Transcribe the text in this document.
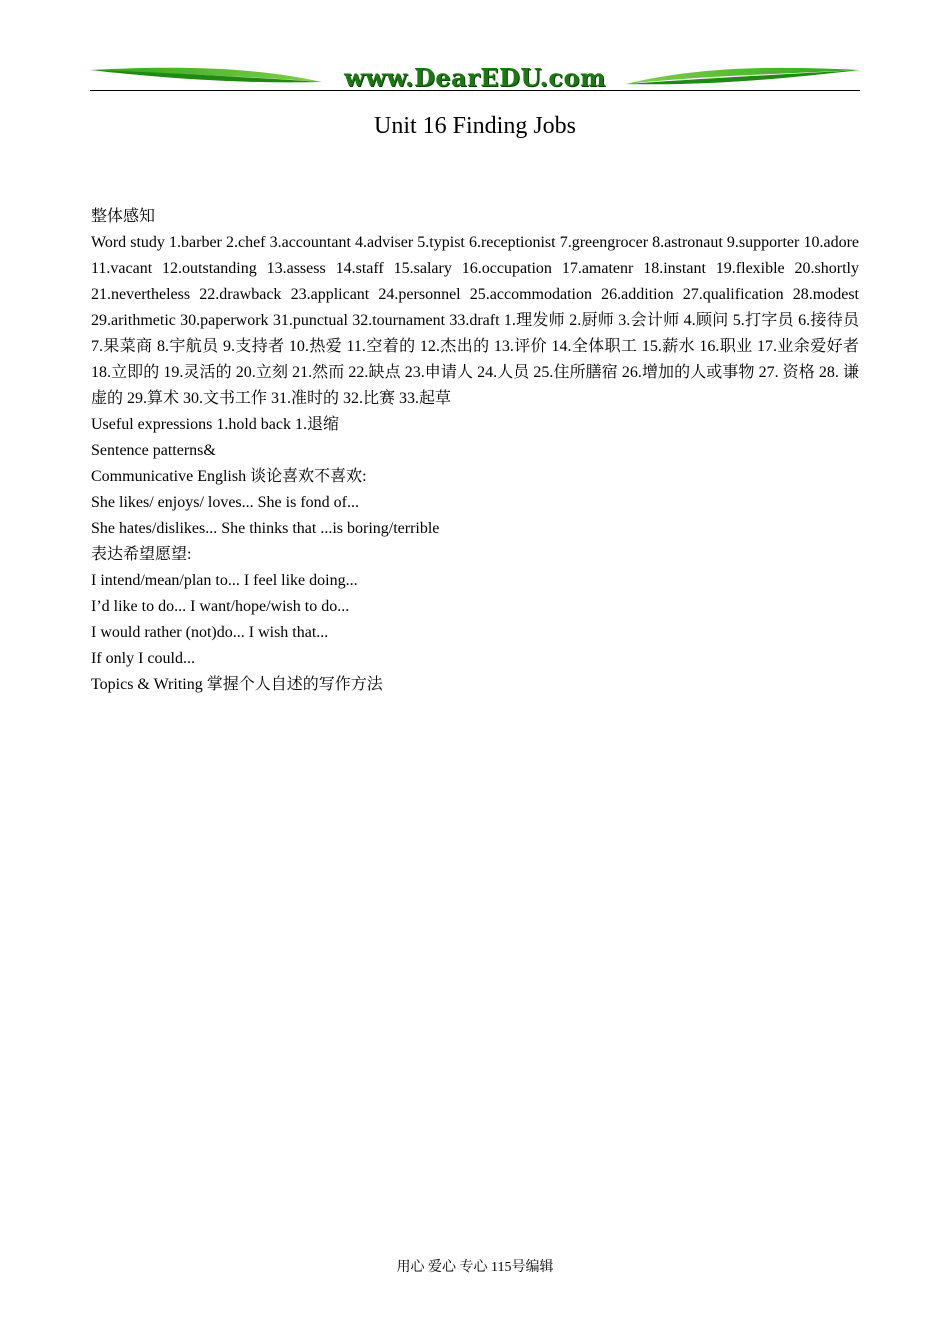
www.DearEDU.com
Unit 16 Finding Jobs

整体感知

Word study 1.barber 2.chef 3.accountant 4.adviser 5.typist 6.receptionist 7.greengrocer 8.astronaut 9.supporter 10.adore 11.vacant 12.outstanding 13.assess 14.staff 15.salary 16.occupation 17.amatenr 18.instant 19.flexible 20.shortly 21.nevertheless 22.drawback 23.applicant 24.personnel 25.accommodation 26.addition 27.qualification 28.modest 29.arithmetic 30.paperwork 31.punctual 32.tournament 33.draft 1.理发师 2.厨师 3.会计师 4.顾问 5.打字员 6.接待员 7.果菜商 8.宇航员 9.支持者 10.热爱 11.空着的 12.杰出的 13.评价 14.全体职工 15.薪水 16.职业 17.业余爱好者 18.立即的 19.灵活的 20.立刻 21.然而 22.缺点 23.申请人 24.人员 25.住所膳宿 26.增加的人或事物 27. 资格 28. 谦虚的 29.算术 30.文书工作 31.准时的 32.比赛 33.起草

Useful expressions 1.hold back 1.退缩

Sentence patterns&

Communicative English 谈论喜欢不喜欢:

She likes/ enjoys/ loves... She is fond of...

She hates/dislikes... She thinks that ...is boring/terrible

表达希望愿望:

I intend/mean/plan to... I feel like doing...

I’d like to do... I want/hope/wish to do...

I would rather (not)do... I wish that...

If only I could...

Topics & Writing 掌握个人自述的写作方法

用心 爱心 专心 115号编辑
